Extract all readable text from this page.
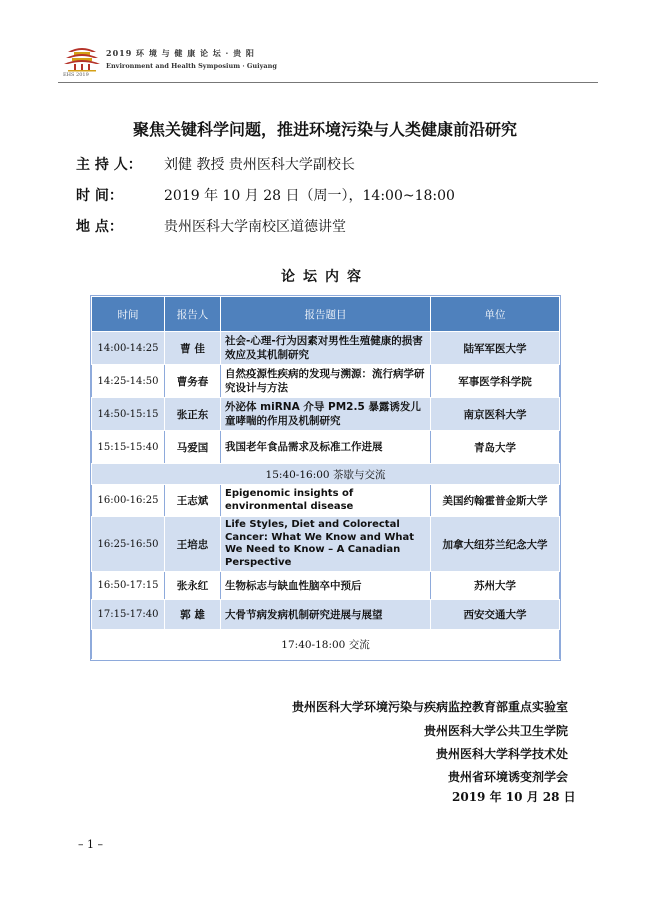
EHS 2019
2019 环 境 与 健 康 论 坛 · 贵 阳
Environment and Health Symposium · Guiyang
聚焦关键科学问题，推进环境污染与人类健康前沿研究
主 持 人： 刘健 教授 贵州医科大学副校长
时 间：	2019 年 10 月 28 日（周一），14:00~18:00
地 点：	贵州医科大学南校区道德讲堂
论坛内容
时间	报告人	报告题目	单位
14:00-14:25	曹 佳	社会-心理-行为因素对男性生殖健康的损害效应及其机制研究	陆军军医大学
14:25-14:50	曹务春	自然疫源性疾病的发现与溯源：流行病学研究设计与方法	军事医学科学院
14:50-15:15	张正东	外泌体 miRNA 介导 PM2.5 暴露诱发儿童哮喘的作用及机制研究	南京医科大学
15:15-15:40	马爱国	我国老年食品需求及标准工作进展	青岛大学
15:40-16:00 茶歇与交流			
16:00-16:25	王志斌	Epigenomic insights of environmental disease	美国约翰霍普金斯大学
16:25-16:50	王培忠	Life Styles, Diet and Colorectal Cancer: What We Know and What We Need to Know – A Canadian Perspective	加拿大纽芬兰纪念大学
16:50-17:15	张永红	生物标志与缺血性脑卒中预后	苏州大学
17:15-17:40	郭 雄	大骨节病发病机制研究进展与展望	西安交通大学
17:40-18:00 交流			
贵州医科大学环境污染与疾病监控教育部重点实验室
贵州医科大学公共卫生学院
贵州医科大学科学技术处
贵州省环境诱变剂学会
2019 年 10 月 28 日
– 1 –
